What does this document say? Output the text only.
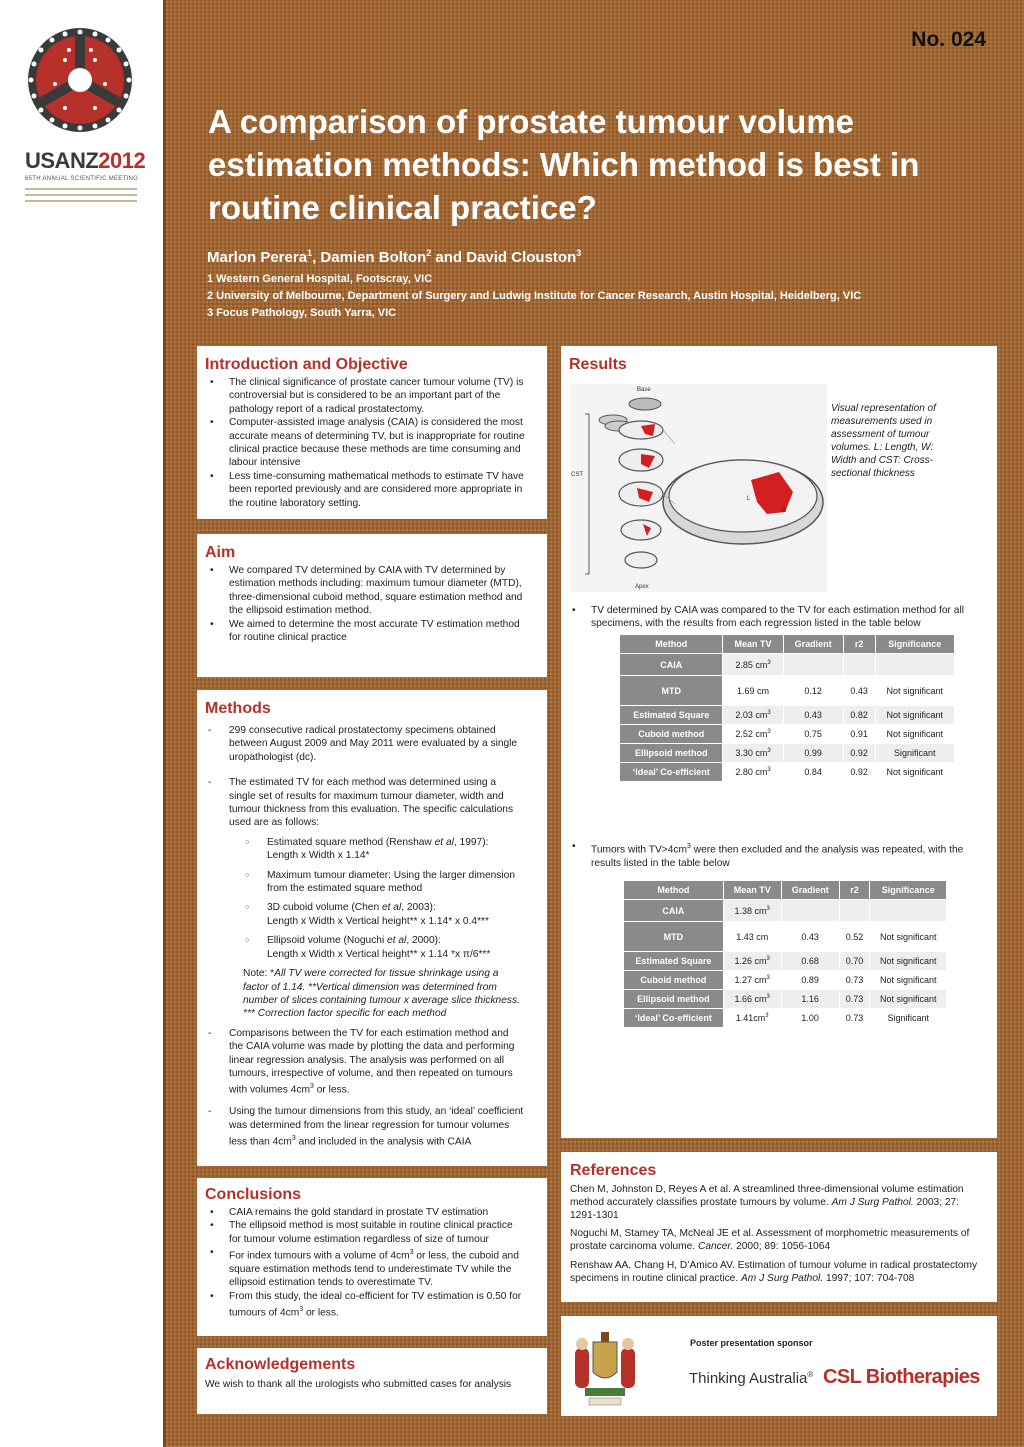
USANZ2012
65TH ANNUAL SCIENTIFIC MEETING
No. 024
A comparison of prostate tumour volume estimation methods: Which method is best in routine clinical practice?
Marlon Perera$^1$, Damien Bolton$^2$ and David Clouston$^3$
1 Western General Hospital, Footscray, VIC
2 University of Melbourne, Department of Surgery and Ludwig Institute for Cancer Research, Austin Hospital, Heidelberg, VIC
3 Focus Pathology, South Yarra, VIC
Introduction and Objective
• The clinical significance of prostate cancer tumour volume (TV) is controversial but is considered to be an important part of the pathology report of a radical prostatectomy.
• Computer-assisted image analysis (CAIA) is considered the most accurate means of determining TV, but is inappropriate for routine clinical practice because these methods are time consuming and labour intensive
• Less time-consuming mathematical methods to estimate TV have been reported previously and are considered more appropriate in the routine laboratory setting.
Aim
• We compared TV determined by CAIA with TV determined by estimation methods including: maximum tumour diameter (MTD), three-dimensional cuboid method, square estimation method and the ellipsoid estimation method.
• We aimed to determine the most accurate TV estimation method for routine clinical practice
Methods
- 299 consecutive radical prostatectomy specimens obtained between August 2009 and May 2011 were evaluated by a single uropathologist (dc).
- The estimated TV for each method was determined using a single set of results for maximum tumour diameter, width and tumour thickness from this evaluation. The specific calculations used are as follows:
○ Estimated square method (Renshaw et al, 1997):
Length x Width x 1.14*
○ Maximum tumour diameter: Using the larger dimension from the estimated square method
○ 3D cuboid volume (Chen et al, 2003):
Length x Width x Vertical height** x 1.14* x 0.4***
○ Ellipsoid volume (Noguchi et al, 2000):
Length x Width x Vertical height** x 1.14 *x π/6***
Note: *All TV were corrected for tissue shrinkage using a factor of 1.14. **Vertical dimension was determined from number of slices containing tumour x average slice thickness. *** Correction factor specific for each method
- Comparisons between the TV for each estimation method and the CAIA volume was made by plotting the data and performing linear regression analysis. The analysis was performed on all tumours, irrespective of volume, and then repeated on tumours with volumes $4cm^3$ or less.
- Using the tumour dimensions from this study, an ‘ideal’ coefficient was determined from the linear regression for tumour volumes less than $4cm^3$ and included in the analysis with CAIA
Conclusions
• CAIA remains the gold standard in prostate TV estimation
• The ellipsoid method is most suitable in routine clinical practice for tumour volume estimation regardless of size of tumour
• For index tumours with a volume of $4cm^3$ or less, the cuboid and square estimation methods tend to underestimate TV while the ellipsoid estimation tends to overestimate TV.
• From this study, the ideal co-efficient for TV estimation is 0.50 for tumours of $4cm^3$ or less.
Acknowledgements
We wish to thank all the urologists who submitted cases for analysis
Results
Base
Apex
CST
L
W
Visual representation of measurements used in assessment of tumour volumes. L: Length, W: Width and CST: Cross-sectional thickness
• TV determined by CAIA was compared to the TV for each estimation method for all specimens, with the results from each regression listed in the table below
Method	Mean TV	Gradient	r2	Significance
CAIA	2.85 $cm^3$			
MTD	1.69 cm	0.12	0.43	Not significant
Estimated Square	2.03 $cm^3$	0.43	0.82	Not significant
Cuboid method	2.52 $cm^3$	0.75	0.91	Not significant
Ellipsoid method	3.30 $cm^3$	0.99	0.92	Significant
‘Ideal’ Co-efficient	2.80 $cm^3$	0.84	0.92	Not significant
• Tumors with $TV>4cm^3$ were then excluded and the analysis was repeated, with the results listed in the table below
Method	Mean TV	Gradient	r2	Significance
CAIA	1.38 $cm^3$			
MTD	1.43 cm	0.43	0.52	Not significant
Estimated Square	1.26 $cm^3$	0.68	0.70	Not significant
Cuboid method	1.27 $cm^3$	0.89	0.73	Not significant
Ellipsoid method	1.66 $cm^3$	1.16	0.73	Not significant
‘Ideal’ Co-efficient	$1.41cm^3$	1.00	0.73	Significant
References

Chen M, Johnston D, Reyes A et al. A streamlined three-dimensional volume estimation method accurately classifies prostate tumours by volume. Am J Surg Pathol. 2003; 27: 1291-1301

Noguchi M, Stamey TA, McNeal JE et al. Assessment of morphometric measurements of prostate carcinoma volume. Cancer. 2000; 89: 1056-1064

Renshaw AA, Chang H, D’Amico AV. Estimation of tumour volume in radical prostatectomy specimens in routine clinical practice. Am J Surg Pathol. 1997; 107: 704-708

Poster presentation sponsor
Thinking Australia® CSL Biotherapies
